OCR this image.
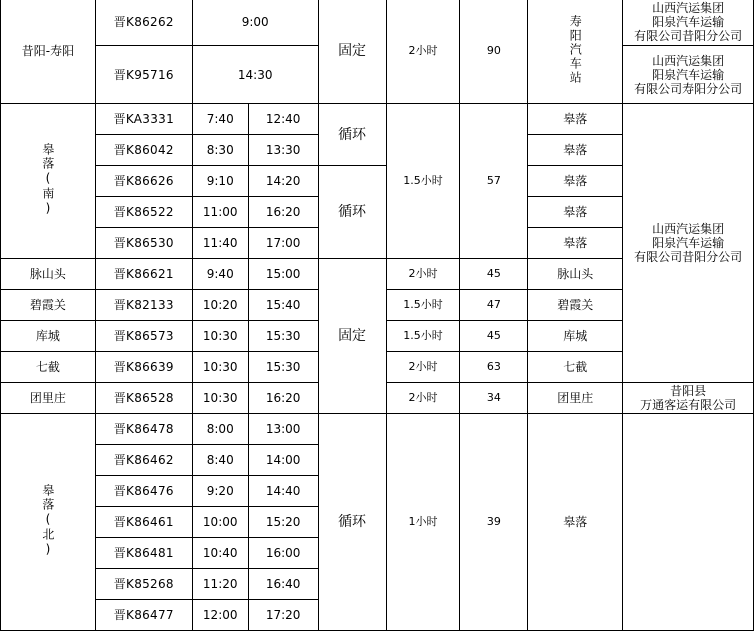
昔阳-寿阳	晋K86262	9:00		固定	2小时	90	寿阳汽车站	山西汽运集团
阳泉汽车运输
有限公司昔阳分公司
	晋K95716	14:30						山西汽运集团
阳泉汽车运输
有限公司寿阳分公司
皋落(南)	晋KA3331	7:40	12:40	循环	1.5小时	57	皋落	山西汽运集团
阳泉汽车运输
有限公司昔阳分公司
	晋K86042	8:30	13:30				皋落	
	晋K86626	9:10	14:20	循环			皋落	
	晋K86522	11:00	16:20				皋落	
	晋K86530	11:40	17:00				皋落	
脉山头	晋K86621	9:40	15:00	固定	2小时	45	脉山头	
碧霞关	晋K82133	10:20	15:40		1.5小时	47	碧霞关	
库城	晋K86573	10:30	15:30		1.5小时	45	库城	
七截	晋K86639	10:30	15:30		2小时	63	七截	
团里庄	晋K86528	10:30	16:20		2小时	34	团里庄	昔阳县
万通客运有限公司
皋落(北)	晋K86478	8:00	13:00	循环	1小时	39	皋落	
	晋K86462	8:40	14:00					
	晋K86476	9:20	14:40					
	晋K86461	10:00	15:20					
	晋K86481	10:40	16:00					
	晋K85268	11:20	16:40					
	晋K86477	12:00	17:20					
